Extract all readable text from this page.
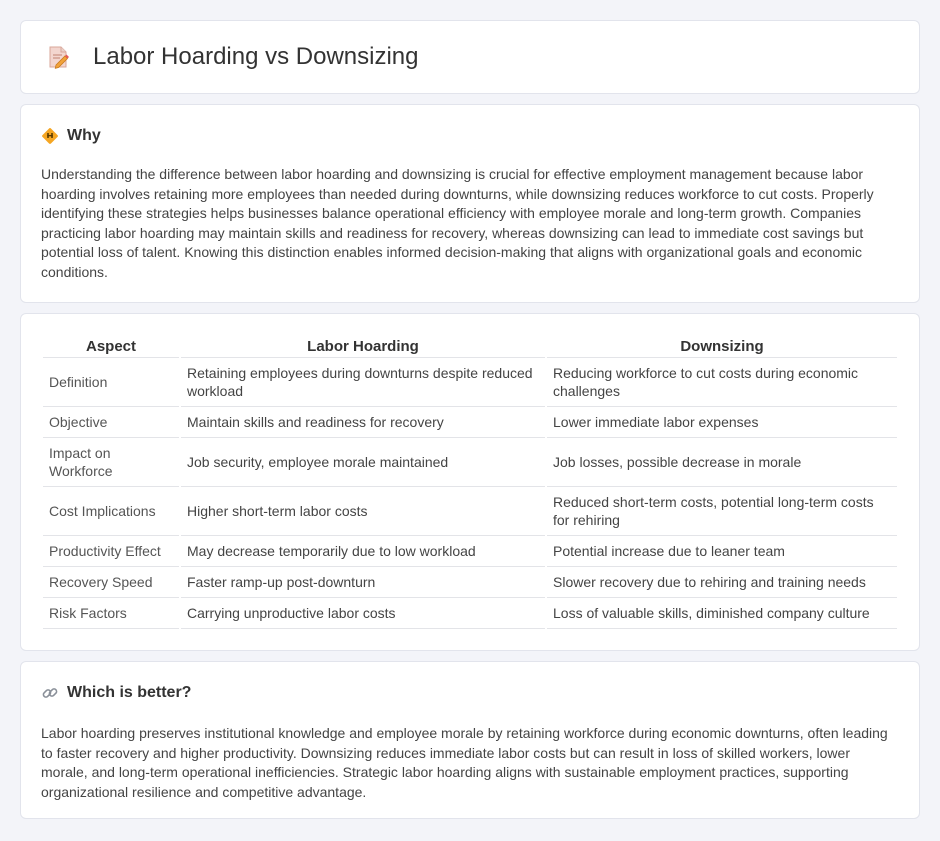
Labor Hoarding vs Downsizing
Why

Understanding the difference between labor hoarding and downsizing is crucial for effective employment management because labor hoarding involves retaining more employees than needed during downturns, while downsizing reduces workforce to cut costs. Properly identifying these strategies helps businesses balance operational efficiency with employee morale and long-term growth. Companies practicing labor hoarding may maintain skills and readiness for recovery, whereas downsizing can lead to immediate cost savings but potential loss of talent. Knowing this distinction enables informed decision-making that aligns with organizational goals and economic conditions.

Aspect	Labor Hoarding	Downsizing
Definition	Retaining employees during downturns despite reduced workload	Reducing workforce to cut costs during economic challenges
Objective	Maintain skills and readiness for recovery	Lower immediate labor expenses
Impact on Workforce	Job security, employee morale maintained	Job losses, possible decrease in morale
Cost Implications	Higher short-term labor costs	Reduced short-term costs, potential long-term costs for rehiring
Productivity Effect	May decrease temporarily due to low workload	Potential increase due to leaner team
Recovery Speed	Faster ramp-up post-downturn	Slower recovery due to rehiring and training needs
Risk Factors	Carrying unproductive labor costs	Loss of valuable skills, diminished company culture
Which is better?

Labor hoarding preserves institutional knowledge and employee morale by retaining workforce during economic downturns, often leading to faster recovery and higher productivity. Downsizing reduces immediate labor costs but can result in loss of skilled workers, lower morale, and long-term operational inefficiencies. Strategic labor hoarding aligns with sustainable employment practices, supporting organizational resilience and competitive advantage.
